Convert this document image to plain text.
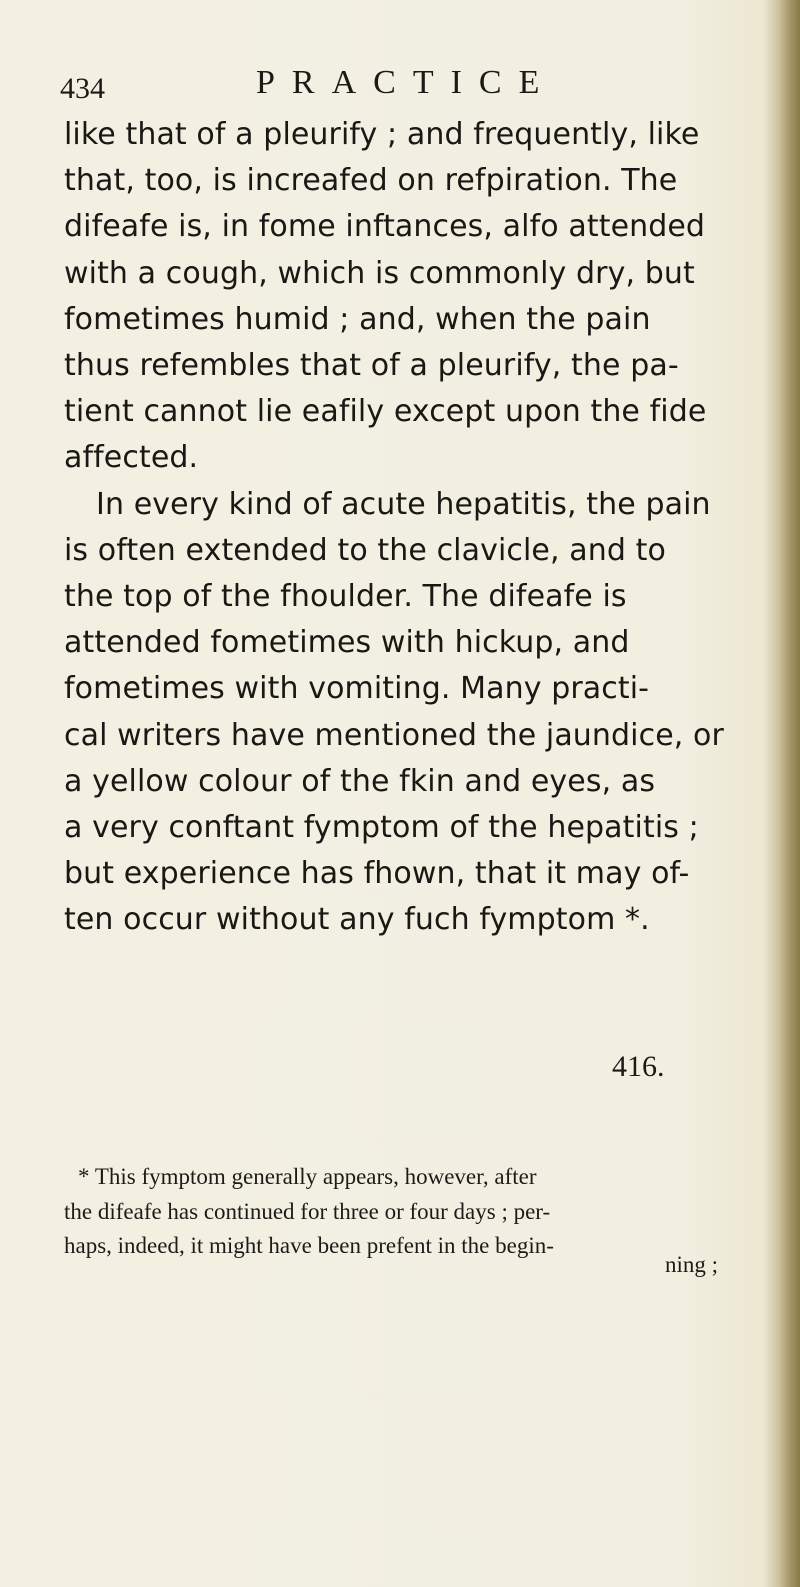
434	PRACTICE
like that of a pleurify ; and frequently, like
that, too, is increafed on refpiration. The
difeafe is, in fome inftances, alfo attended
with a cough, which is commonly dry, but
fometimes humid ; and, when the pain
thus refembles that of a pleurify, the pa-
tient cannot lie eafily except upon the fide
affected.
In every kind of acute hepatitis, the pain
is often extended to the clavicle, and to
the top of the fhoulder. The difeafe is
attended fometimes with hickup, and
fometimes with vomiting. Many practi-
cal writers have mentioned the jaundice, or
a yellow colour of the fkin and eyes, as
a very conftant fymptom of the hepatitis ;
but experience has fhown, that it may of-
ten occur without any fuch fymptom *.
416.
* This fymptom generally appears, however, after
the difeafe has continued for three or four days ; per-
haps, indeed, it might have been prefent in the begin-
ning ;
